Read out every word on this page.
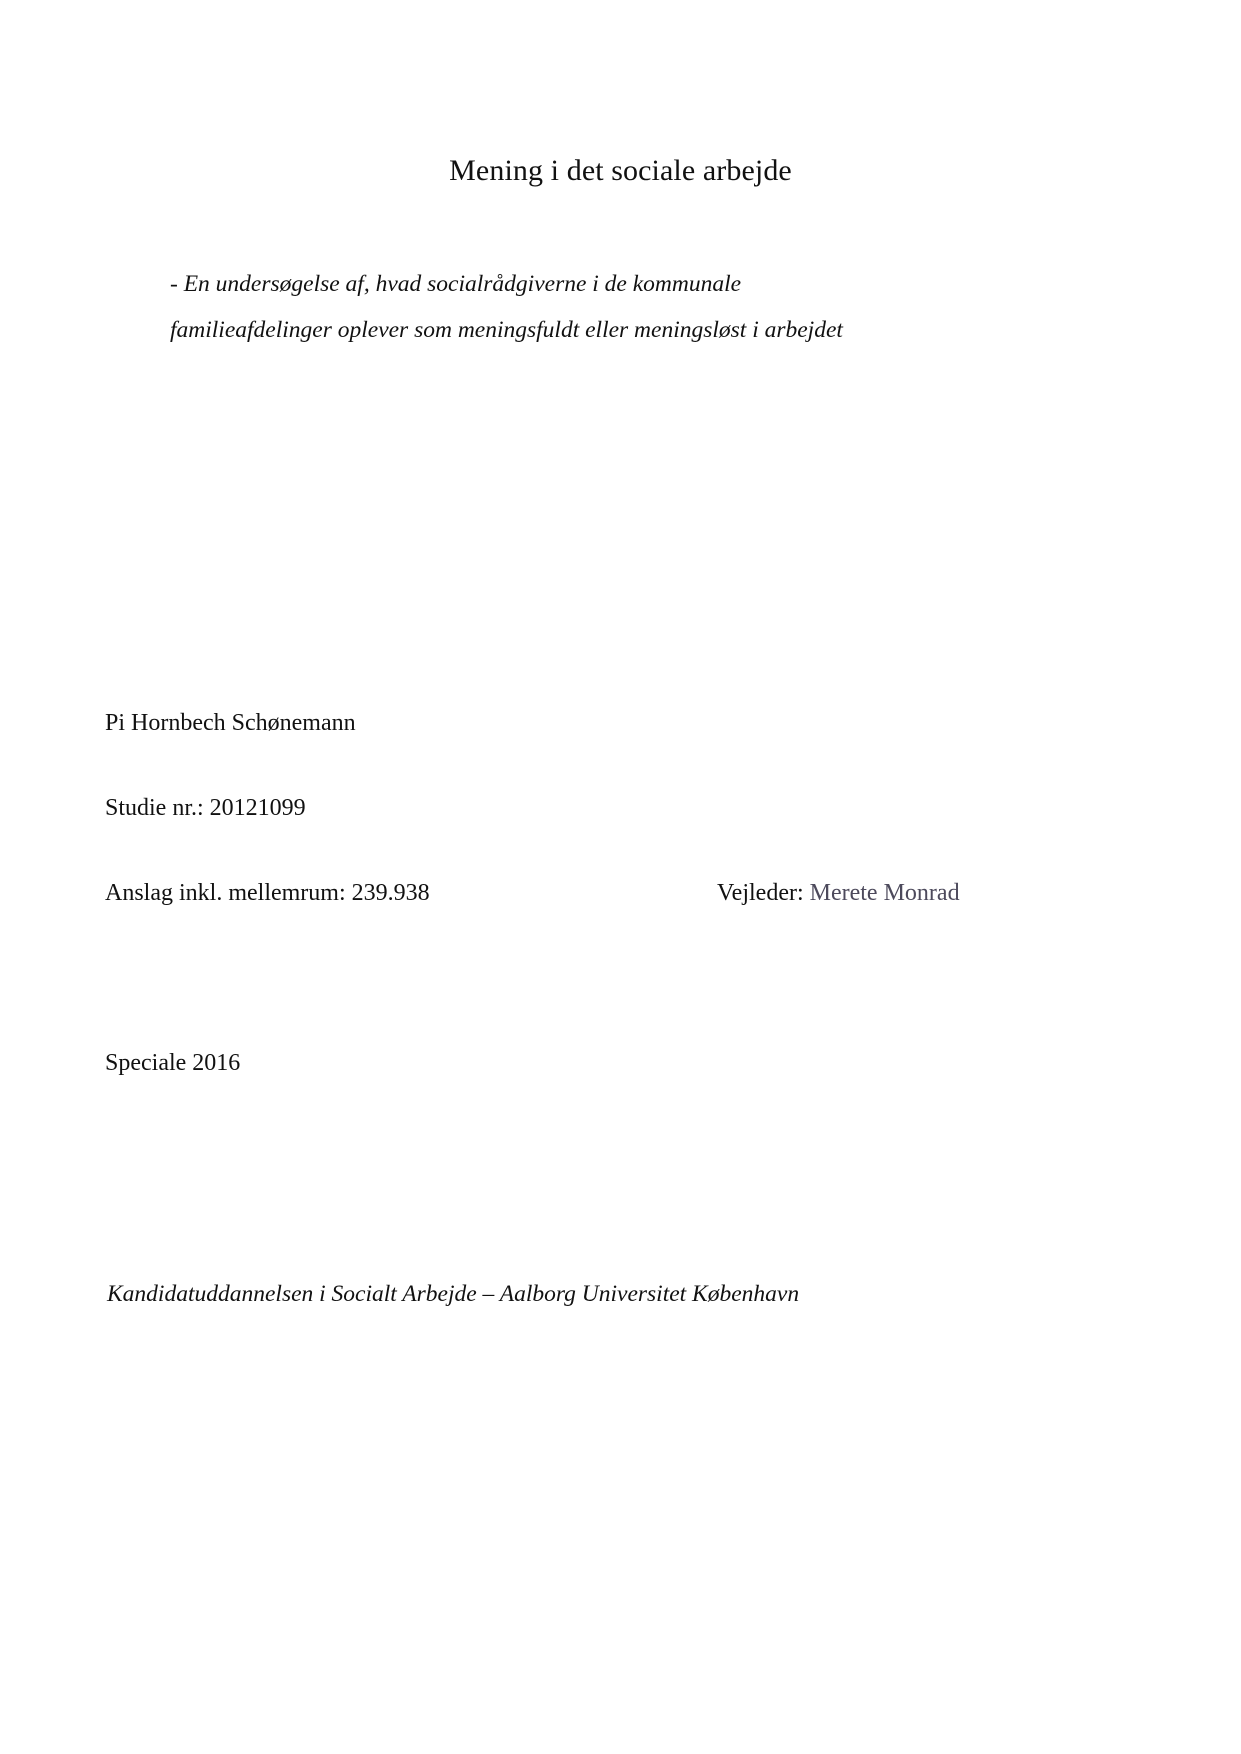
Mening i det sociale arbejde
- En undersøgelse af, hvad socialrådgiverne i de kommunale
familieafdelinger oplever som meningsfuldt eller meningsløst i arbejdet
Pi Hornbech Schønemann
Studie nr.: 20121099
Anslag inkl. mellemrum: 239.938	Vejleder: Merete Monrad
Speciale 2016
Kandidatuddannelsen i Socialt Arbejde – Aalborg Universitet København
